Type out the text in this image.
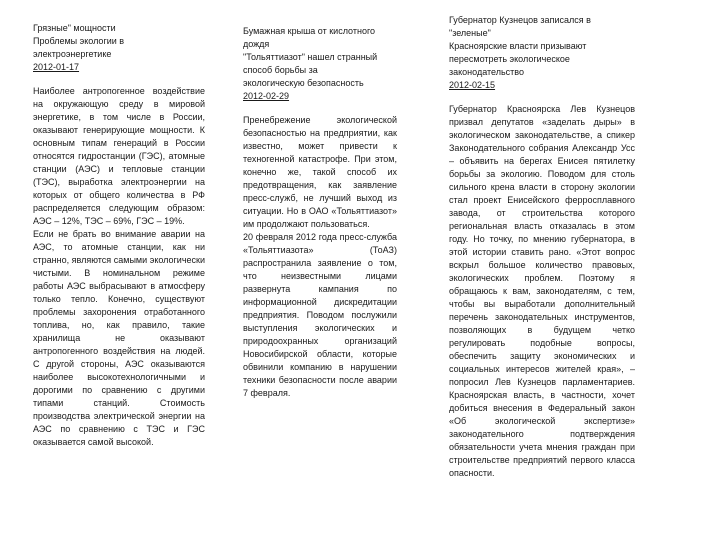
Грязные" мощности
Проблемы экологии в
электроэнергетике
2012-01-17

Наиболее антропогенное воздействие на окружающую среду в мировой энергетике, в том числе в России, оказывают генерирующие мощности. К основным типам генераций в России относятся гидростанции (ГЭС), атомные станции (АЭС) и тепловые станции (ТЭС), выработка электроэнергии на которых от общего количества в РФ распределяется следующим образом: АЭС – 12%, ТЭС – 69%, ГЭС – 19%.

Если не брать во внимание аварии на АЭС, то атомные станции, как ни странно, являются самыми экологически чистыми. В номинальном режиме работы АЭС выбрасывают в атмосферу только тепло. Конечно, существуют проблемы захоронения отработанного топлива, но, как правило, такие хранилища не оказывают антропогенного воздействия на людей. С другой стороны, АЭС оказываются наиболее высокотехнологичными и дорогими по сравнению с другими типами станций. Стоимость производства электрической энергии на АЭС по сравнению с ТЭС и ГЭС оказывается самой высокой.

Бумажная крыша от кислотного
дождя
"Тольяттиазот" нашел странный
способ борьбы за
экологическую безопасность
2012-02-29

Пренебрежение экологической безопасностью на предприятии, как известно, может привести к техногенной катастрофе. При этом, конечно же, такой способ их предотвращения, как заявление пресс-служб, не лучший выход из ситуации. Но в ОАО «Тольяттиазот» им продолжают пользоваться.

20 февраля 2012 года пресс-служба «Тольяттиазота» (ТоАЗ) распространила заявление о том, что неизвестными лицами развернута кампания по информационной дискредитации предприятия. Поводом послужили выступления экологических и природоохранных организаций Новосибирской области, которые обвинили компанию в нарушении техники безопасности после аварии 7 февраля.

Губернатор Кузнецов записался в
"зеленые"
Красноярские власти призывают
пересмотреть экологическое
законодательство
2012-02-15

Губернатор Красноярска Лев Кузнецов призвал депутатов «заделать дыры» в экологическом законодательстве, а спикер Законодательного собрания Александр Усс – объявить на берегах Енисея пятилетку борьбы за экологию. Поводом для столь сильного крена власти в сторону экологии стал проект Енисейского ферросплавного завода, от строительства которого региональная власть отказалась в этом году. Но точку, по мнению губернатора, в этой истории ставить рано. «Этот вопрос вскрыл большое количество правовых, экологических проблем. Поэтому я обращаюсь к вам, законодателям, с тем, чтобы вы выработали дополнительный перечень законодательных инструментов, позволяющих в будущем четко регулировать подобные вопросы, обеспечить защиту экономических и социальных интересов жителей края», – попросил Лев Кузнецов парламентариев. Красноярская власть, в частности, хочет добиться внесения в Федеральный закон «Об экологической экспертизе» законодательного подтверждения обязательности учета мнения граждан при строительстве предприятий первого класса опасности.
